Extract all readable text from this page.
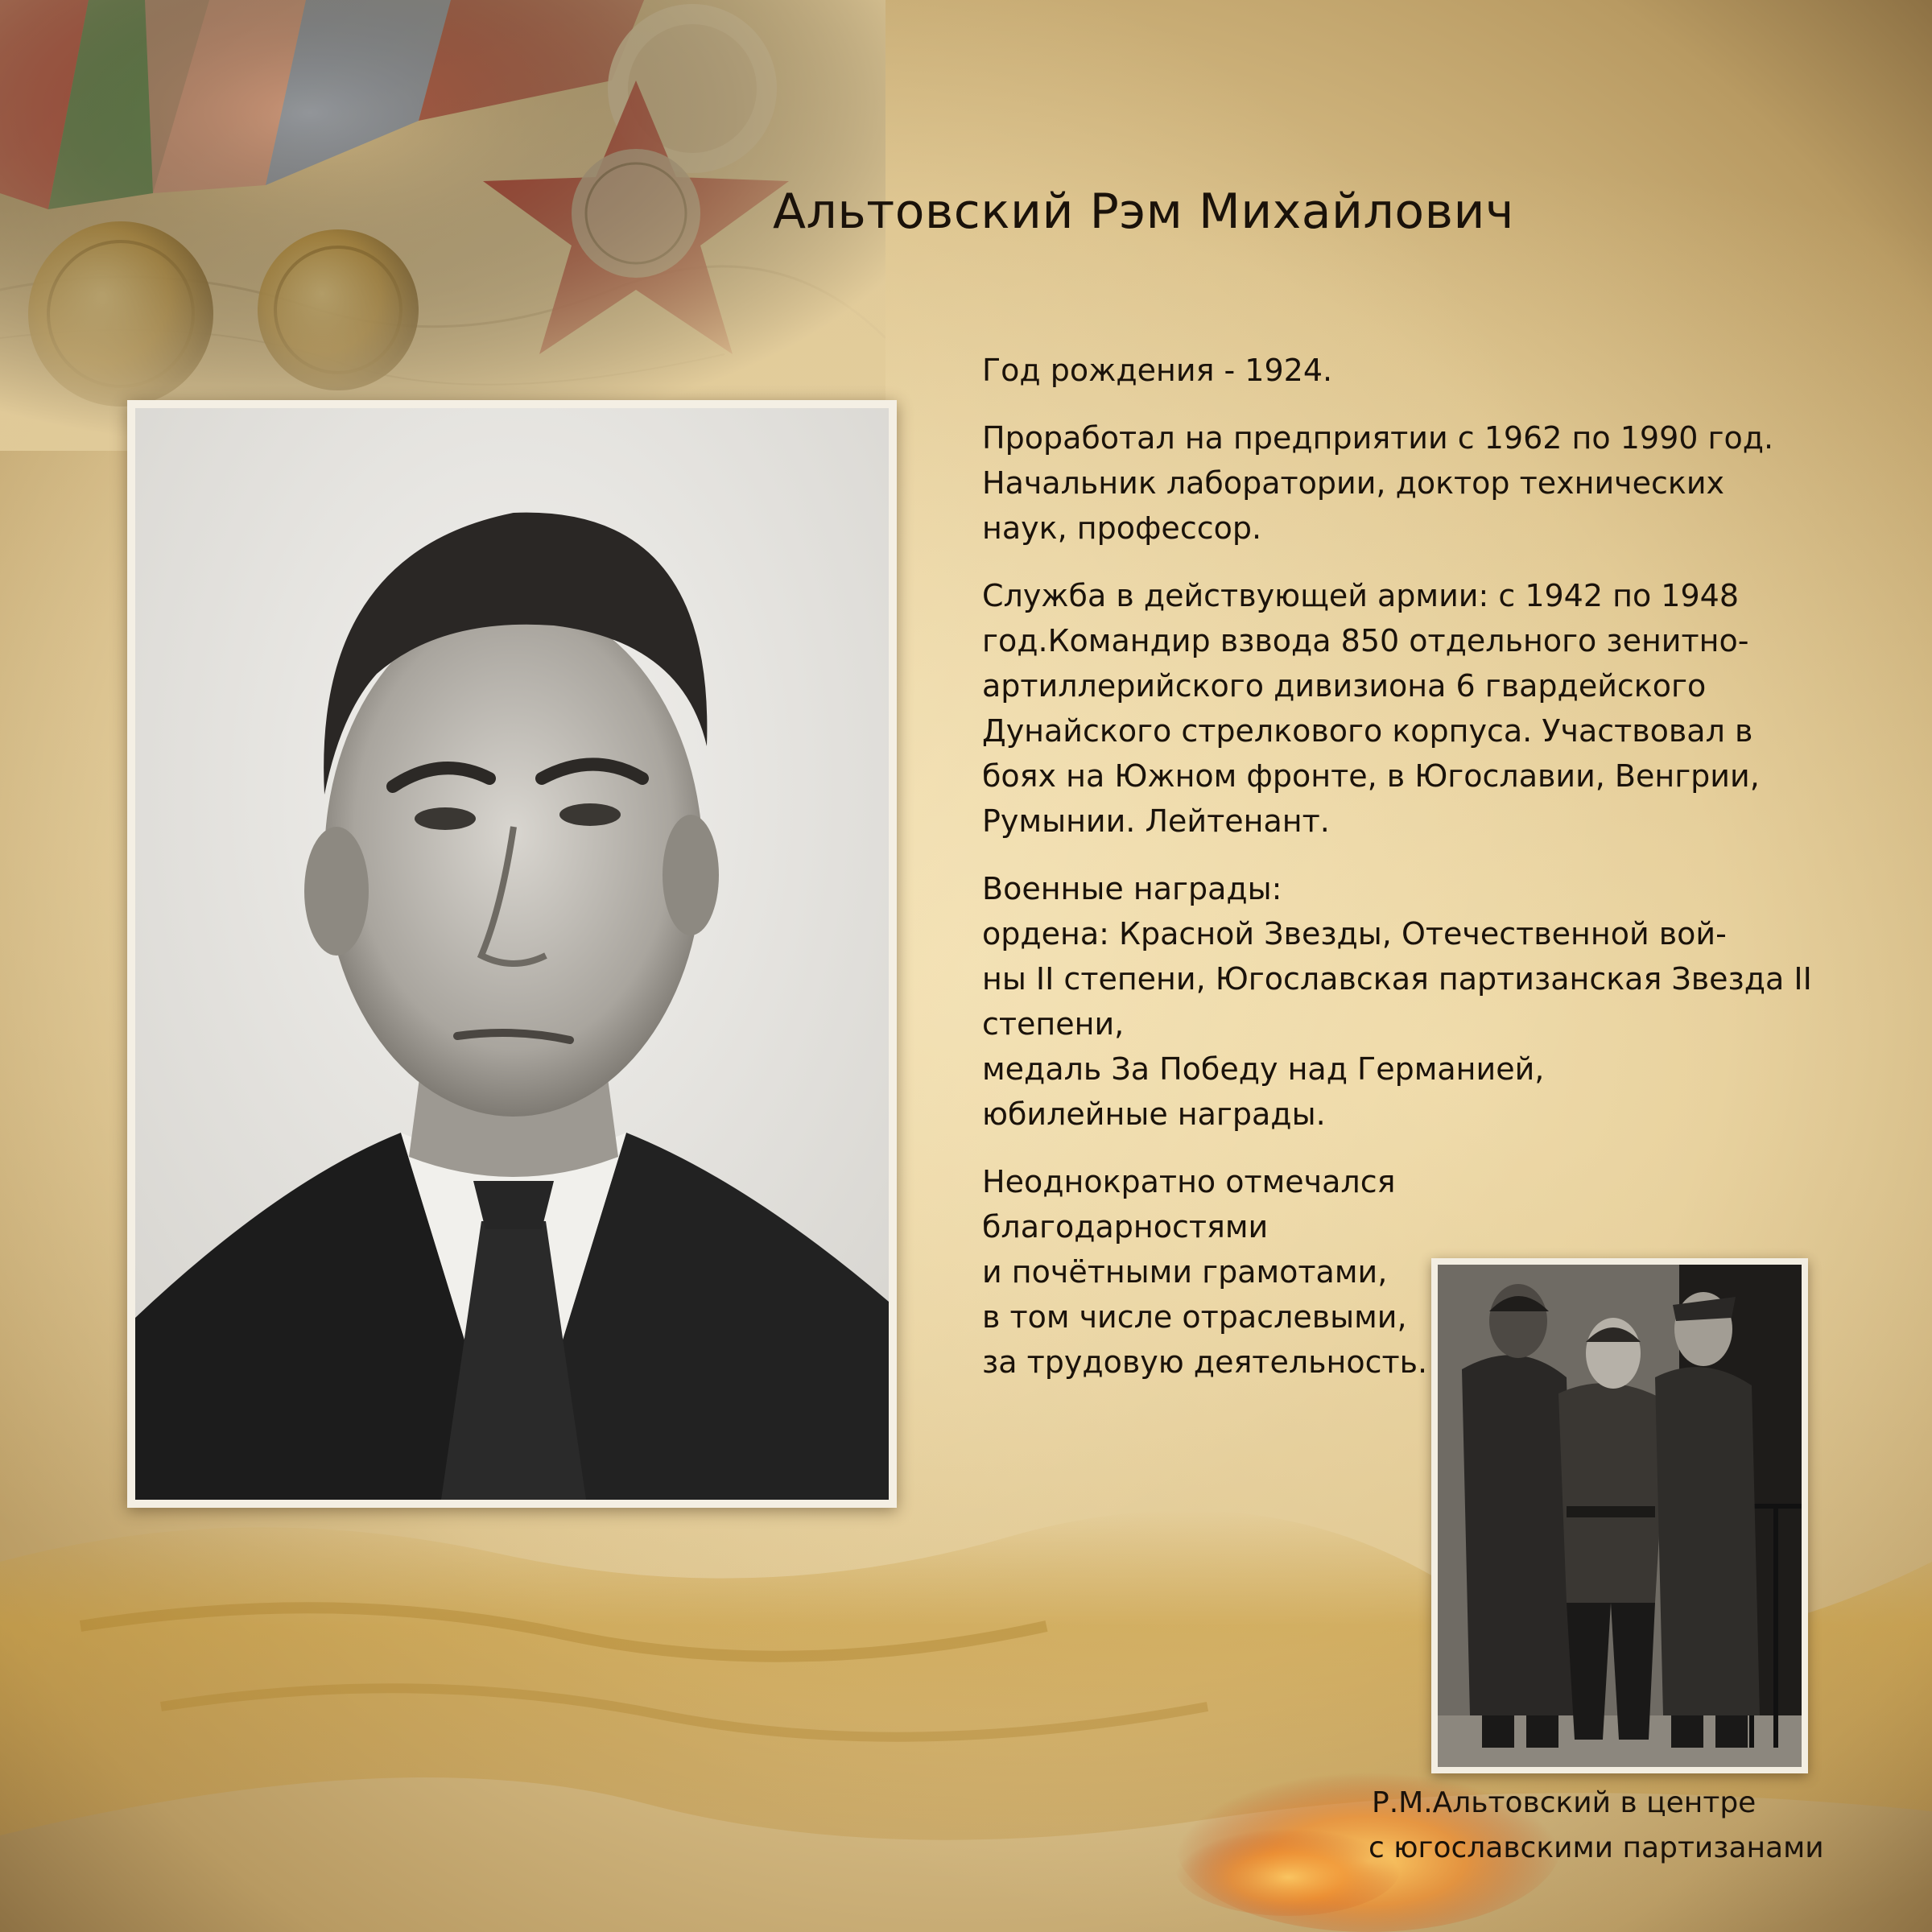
Альтовский Рэм Михайлович

Год рождения - 1924.

Проработал на предприятии с 1962 по 1990 год.
Начальник лаборатории, доктор технических
наук, профессор.

Служба в действующей армии: с 1942 по 1948
год.Командир взвода 850 отдельного зенитно-
артиллерийского дивизиона 6 гвардейского
Дунайского стрелкового корпуса. Участвовал в
боях на Южном фронте, в Югославии, Венгрии,
Румынии. Лейтенант.

Военные награды:
ордена: Красной Звезды, Отечественной вой-
ны II степени, Югославская партизанская Звезда II
степени,
медаль За Победу над Германией,
юбилейные награды.

Неоднократно отмечался
благодарностями
и почётными грамотами,
в том числе отраслевыми,
за трудовую деятельность.

Р.М.Альтовский в центре
с югославскими партизанами
